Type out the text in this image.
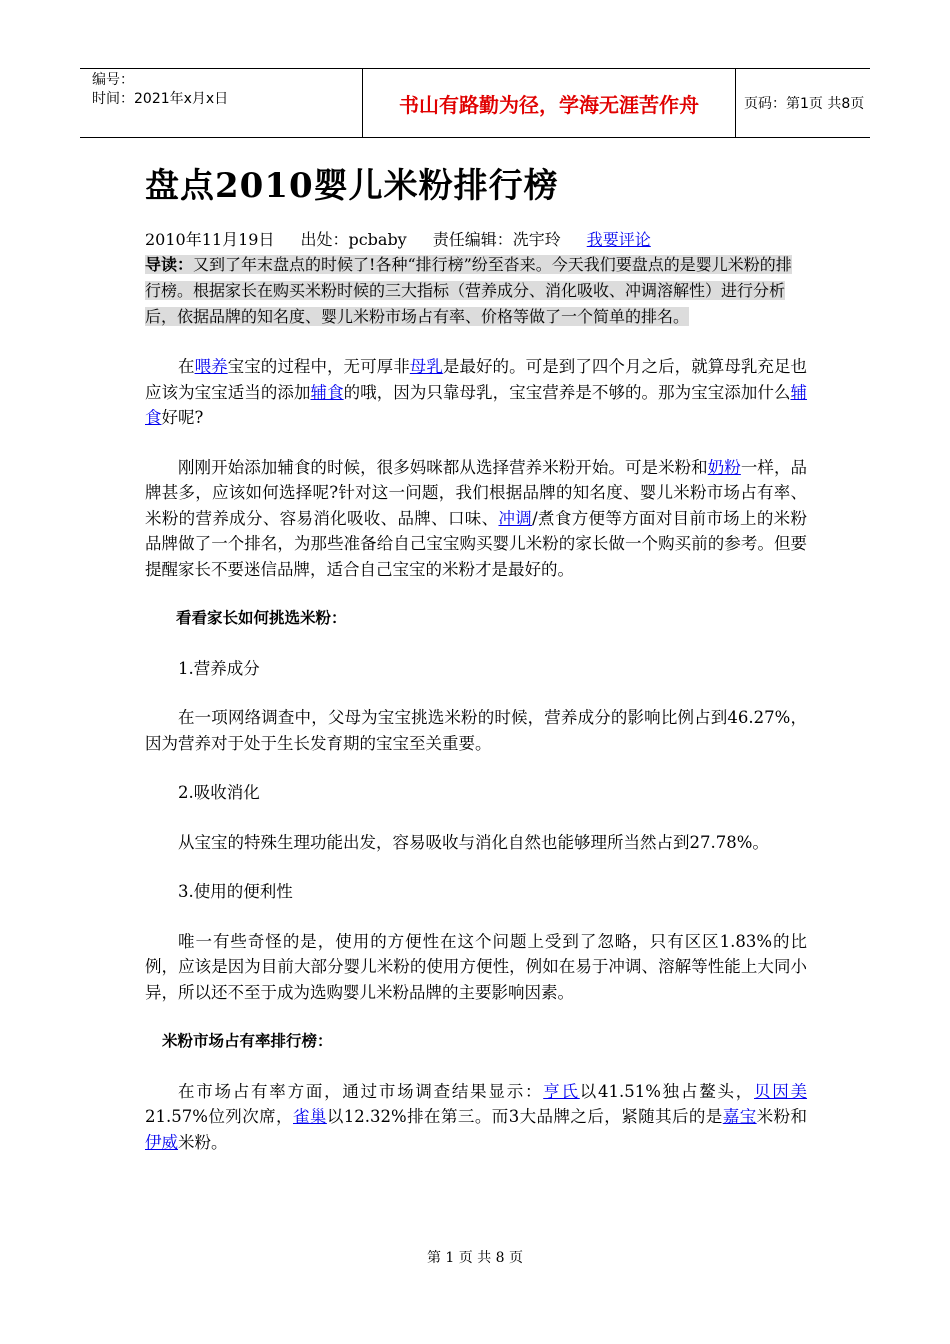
编号：
时间：2021年x月x日	书山有路勤为径，学海无涯苦作舟	页码：第1页 共8页
盘点2010婴儿米粉排行榜
2010年11月19日 出处：pcbaby 责任编辑：冼宇玲 我要评论
导读：又到了年末盘点的时候了!各种“排行榜”纷至沓来。今天我们要盘点的是婴儿米粉的排行榜。根据家长在购买米粉时候的三大指标（营养成分、消化吸收、冲调溶解性）进行分析后，依据品牌的知名度、婴儿米粉市场占有率、价格等做了一个简单的排名。

在喂养宝宝的过程中，无可厚非母乳是最好的。可是到了四个月之后，就算母乳充足也应该为宝宝适当的添加辅食的哦，因为只靠母乳，宝宝营养是不够的。那为宝宝添加什么辅食好呢?

刚刚开始添加辅食的时候，很多妈咪都从选择营养米粉开始。可是米粉和奶粉一样，品牌甚多，应该如何选择呢?针对这一问题，我们根据品牌的知名度、婴儿米粉市场占有率、米粉的营养成分、容易消化吸收、品牌、口味、冲调/煮食方便等方面对目前市场上的米粉品牌做了一个排名，为那些准备给自己宝宝购买婴儿米粉的家长做一个购买前的参考。但要提醒家长不要迷信品牌，适合自己宝宝的米粉才是最好的。

看看家长如何挑选米粉：

1.营养成分

在一项网络调查中，父母为宝宝挑选米粉的时候，营养成分的影响比例占到46.27%，因为营养对于处于生长发育期的宝宝至关重要。

2.吸收消化

从宝宝的特殊生理功能出发，容易吸收与消化自然也能够理所当然占到27.78%。

3.使用的便利性

唯一有些奇怪的是，使用的方便性在这个问题上受到了忽略，只有区区1.83%的比例，应该是因为目前大部分婴儿米粉的使用方便性，例如在易于冲调、溶解等性能上大同小异，所以还不至于成为选购婴儿米粉品牌的主要影响因素。

米粉市场占有率排行榜：

在市场占有率方面，通过市场调查结果显示：亨氏以41.51%独占鳌头，贝因美21.57%位列次席，雀巢以12.32%排在第三。而3大品牌之后，紧随其后的是嘉宝米粉和伊威米粉。

第 1 页 共 8 页
